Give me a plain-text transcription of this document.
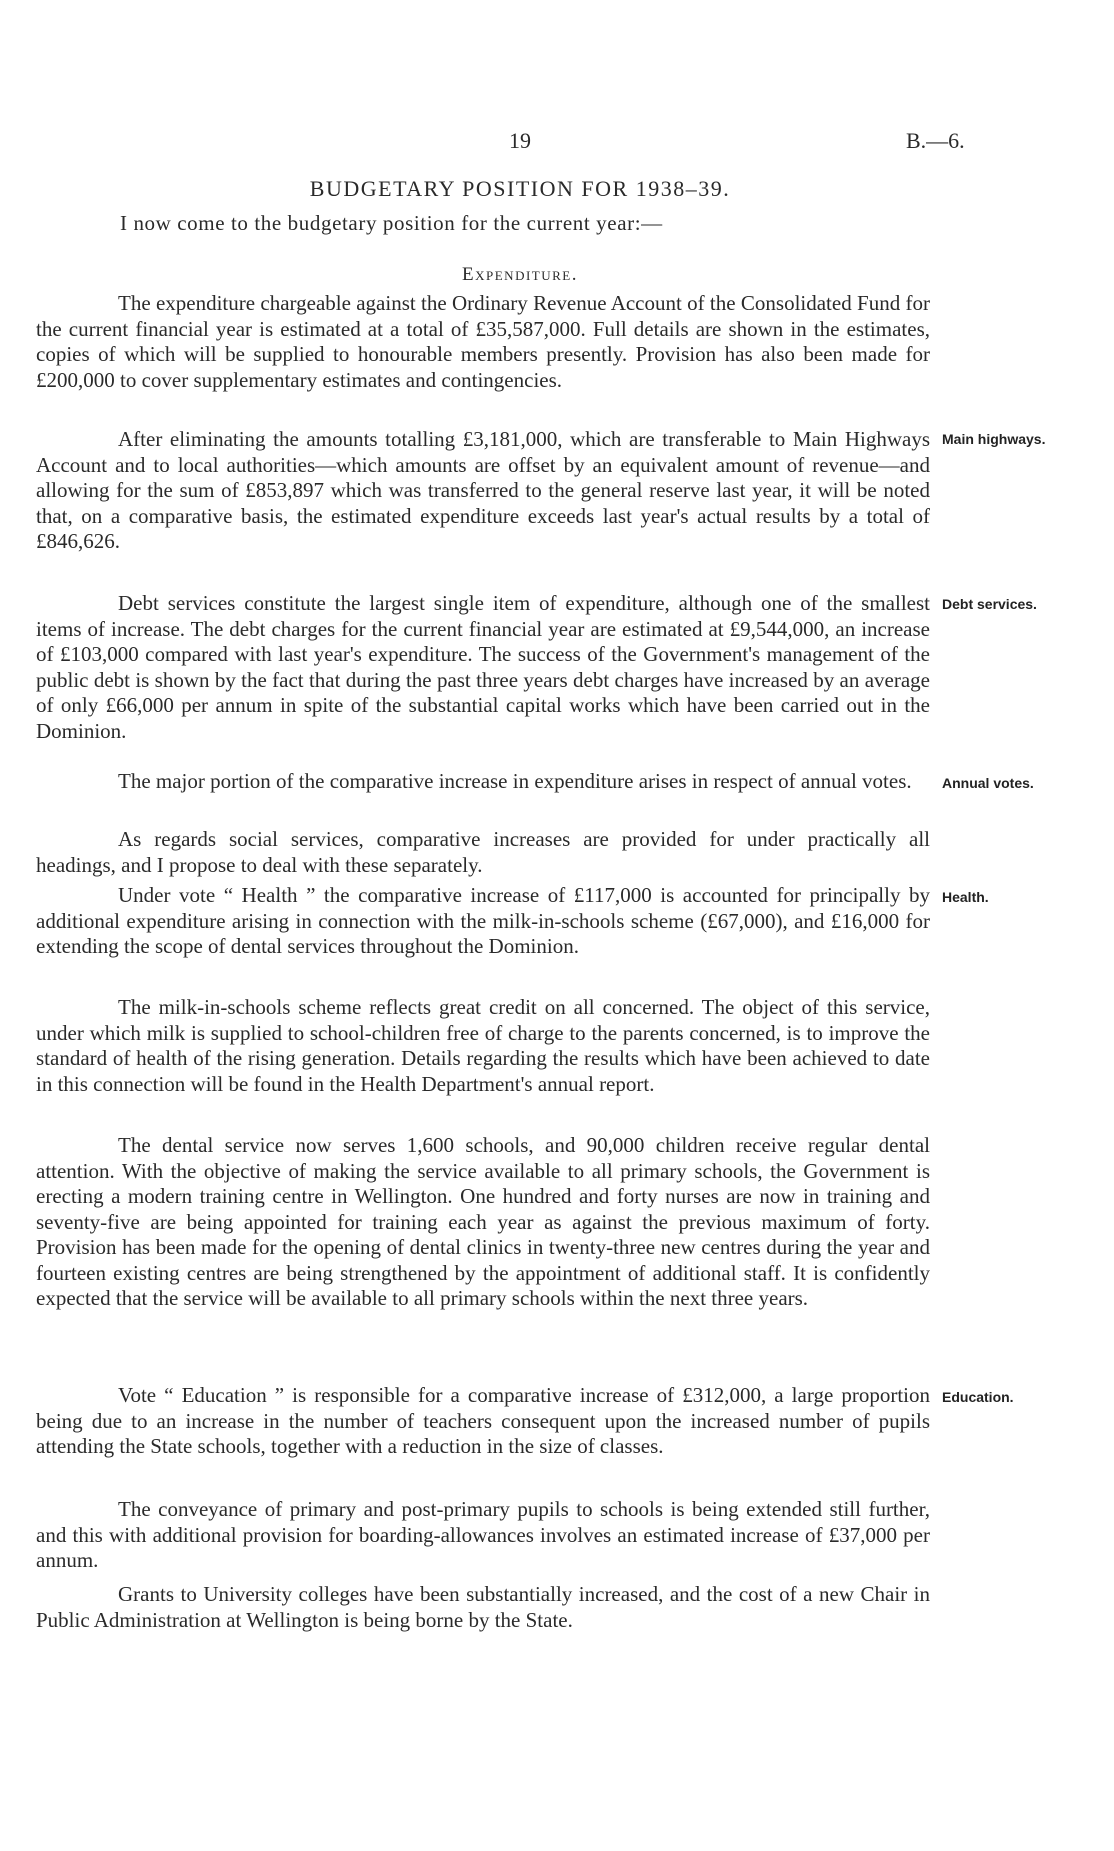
19	B.—6.
BUDGETARY POSITION FOR 1938–39.
I now come to the budgetary position for the current year:—
Expenditure.

The expenditure chargeable against the Ordinary Revenue Account of the Consolidated Fund for the current financial year is estimated at a total of £35,587,000. Full details are shown in the estimates, copies of which will be supplied to honourable members presently. Provision has also been made for £200,000 to cover supplementary estimates and contingencies.

After eliminating the amounts totalling £3,181,000, which are transferable to Main Highways Account and to local authorities—which amounts are offset by an equivalent amount of revenue—and allowing for the sum of £853,897 which was transferred to the general reserve last year, it will be noted that, on a comparative basis, the estimated expenditure exceeds last year's actual results by a total of £846,626.

Main highways.

Debt services constitute the largest single item of expenditure, although one of the smallest items of increase. The debt charges for the current financial year are estimated at £9,544,000, an increase of £103,000 compared with last year's expenditure. The success of the Government's management of the public debt is shown by the fact that during the past three years debt charges have increased by an average of only £66,000 per annum in spite of the substantial capital works which have been carried out in the Dominion.

Debt services.

The major portion of the comparative increase in expenditure arises in respect of annual votes.	Annual votes.

As regards social services, comparative increases are provided for under practically all headings, and I propose to deal with these separately.

Under vote “ Health ” the comparative increase of £117,000 is accounted for principally by additional expenditure arising in connection with the milk-in-schools scheme (£67,000), and £16,000 for extending the scope of dental services throughout the Dominion.

Health.

The milk-in-schools scheme reflects great credit on all concerned. The object of this service, under which milk is supplied to school-children free of charge to the parents concerned, is to improve the standard of health of the rising generation. Details regarding the results which have been achieved to date in this connection will be found in the Health Department's annual report.

The dental service now serves 1,600 schools, and 90,000 children receive regular dental attention. With the objective of making the service available to all primary schools, the Government is erecting a modern training centre in Wellington. One hundred and forty nurses are now in training and seventy-five are being appointed for training each year as against the previous maximum of forty. Provision has been made for the opening of dental clinics in twenty-three new centres during the year and fourteen existing centres are being strengthened by the appointment of additional staff. It is confidently expected that the service will be available to all primary schools within the next three years.

Vote “ Education ” is responsible for a comparative increase of £312,000, a large proportion being due to an increase in the number of teachers consequent upon the increased number of pupils attending the State schools, together with a reduction in the size of classes.

Education.

The conveyance of primary and post-primary pupils to schools is being extended still further, and this with additional provision for boarding-allowances involves an estimated increase of £37,000 per annum.

Grants to University colleges have been substantially increased, and the cost of a new Chair in Public Administration at Wellington is being borne by the State.
